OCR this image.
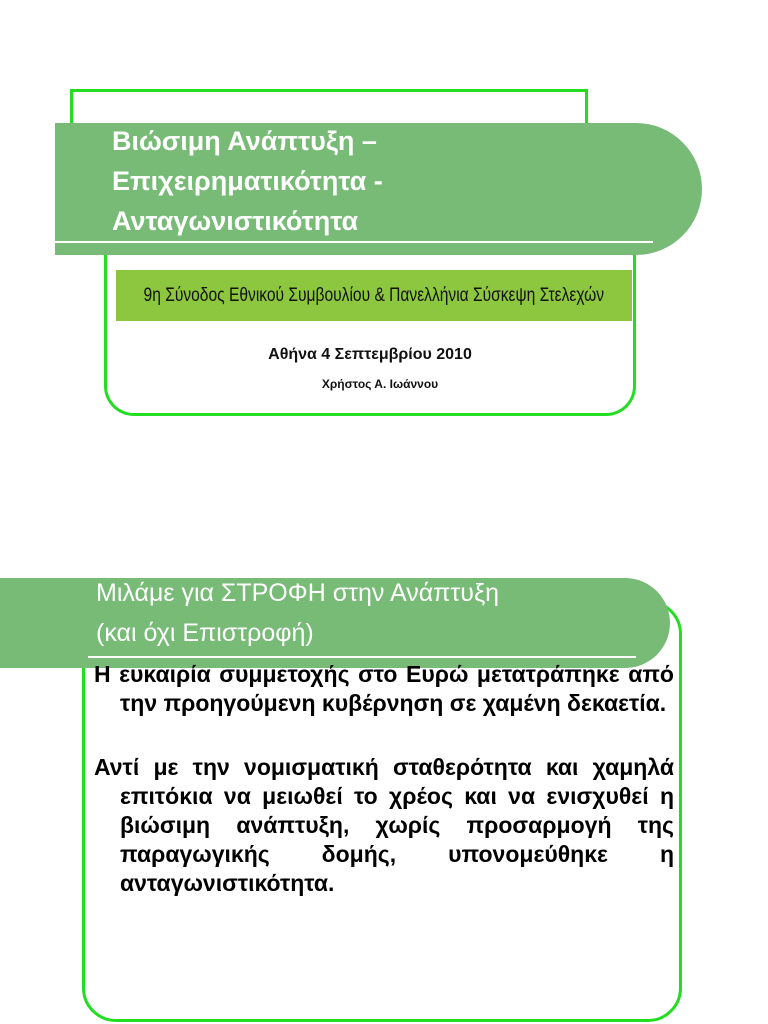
Βιώσιμη Ανάπτυξη –
Επιχειρηματικότητα -
Ανταγωνιστικότητα
9η Σύνοδος Εθνικού Συμβουλίου & Πανελλήνια Σύσκεψη Στελεχών
Αθήνα 4 Σεπτεμβρίου 2010
Χρήστος Α. Ιωάννου
Μιλάμε για ΣΤΡΟΦΗ στην Ανάπτυξη
(και όχι Επιστροφή)

Η ευκαιρία συμμετοχής στο Ευρώ μετατράπηκε από την προηγούμενη κυβέρνηση σε χαμένη δεκαετία.

Αντί με την νομισματική σταθερότητα και χαμηλά επιτόκια να μειωθεί το χρέος και να ενισχυθεί η βιώσιμη ανάπτυξη, χωρίς προσαρμογή της παραγωγικής δομής, υπονομεύθηκε η ανταγωνιστικότητα.
